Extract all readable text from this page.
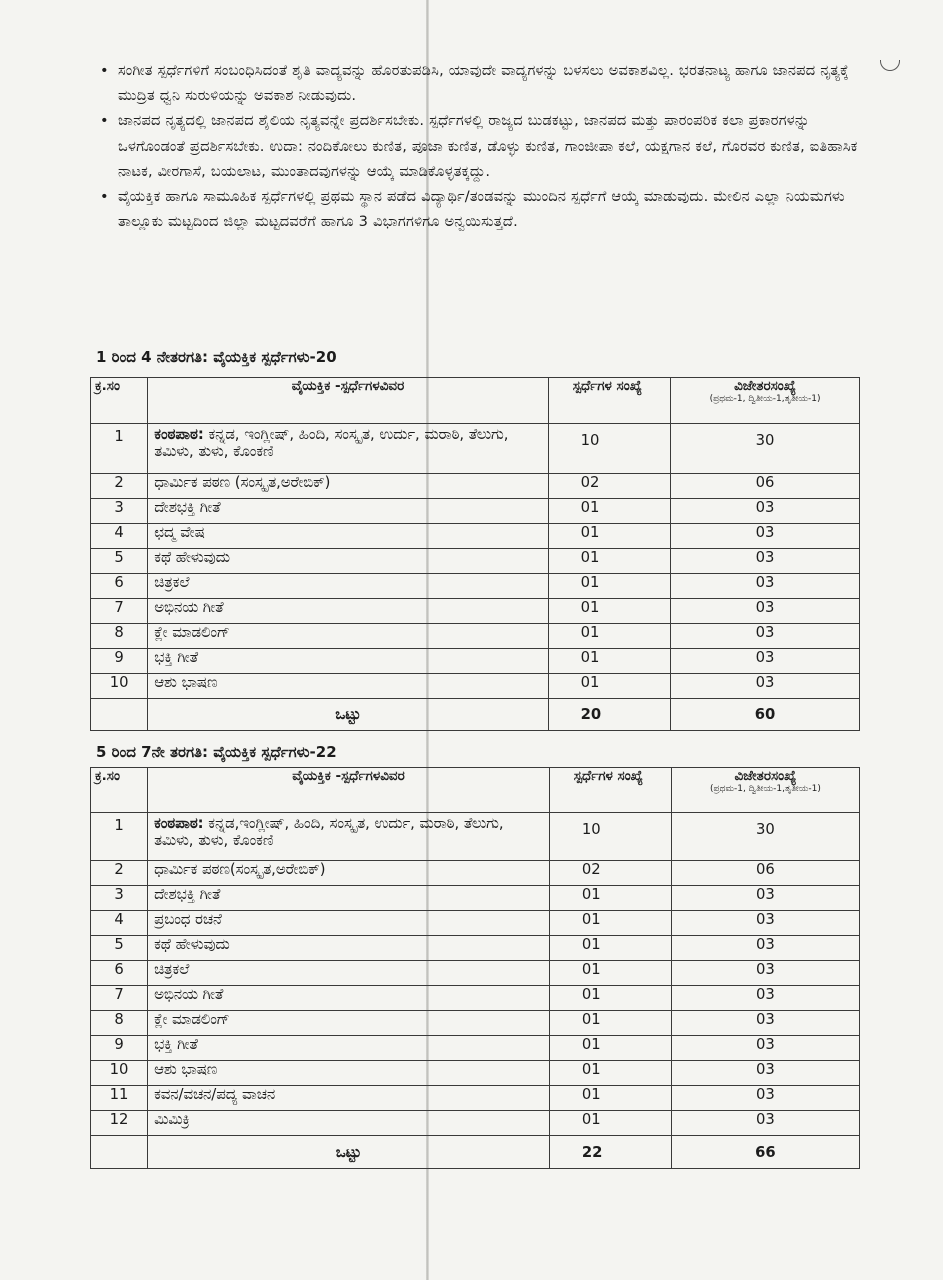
• ಸಂಗೀತ ಸ್ಪರ್ಧೆಗಳಿಗೆ ಸಂಬಂಧಿಸಿದಂತೆ ಶೃತಿ ವಾದ್ಯವನ್ನು ಹೊರತುಪಡಿಸಿ, ಯಾವುದೇ ವಾದ್ಯಗಳನ್ನು ಬಳಸಲು ಅವಕಾಶವಿಲ್ಲ. ಭರತನಾಟ್ಯ ಹಾಗೂ ಜಾನಪದ ನೃತ್ಯಕ್ಕೆ ಮುದ್ರಿತ ಧ್ವನಿ ಸುರುಳಿಯನ್ನು ಅವಕಾಶ ನೀಡುವುದು.
• ಜಾನಪದ ನೃತ್ಯದಲ್ಲಿ ಜಾನಪದ ಶೈಲಿಯ ನೃತ್ಯವನ್ನೇ ಪ್ರದರ್ಶಿಸಬೇಕು. ಸ್ಪರ್ಧೆಗಳಲ್ಲಿ ರಾಜ್ಯದ ಬುಡಕಟ್ಟು, ಜಾನಪದ ಮತ್ತು ಪಾರಂಪರಿಕ ಕಲಾ ಪ್ರಕಾರಗಳನ್ನು ಒಳಗೊಂಡಂತೆ ಪ್ರದರ್ಶಿಸಬೇಕು. ಉದಾ: ನಂದಿಕೋಲು ಕುಣಿತ, ಪೂಜಾ ಕುಣಿತ, ಡೊಳ್ಳು ಕುಣಿತ, ಗಾಂಜೀಪಾ ಕಲೆ, ಯಕ್ಷಗಾನ ಕಲೆ, ಗೊರವರ ಕುಣಿತ, ಐತಿಹಾಸಿಕ ನಾಟಕ, ವೀರಗಾಸೆ, ಬಯಲಾಟ, ಮುಂತಾದವುಗಳನ್ನು ಆಯ್ಕೆ ಮಾಡಿಕೊಳ್ಳತಕ್ಕದ್ದು.
• ವೈಯಕ್ತಿಕ ಹಾಗೂ ಸಾಮೂಹಿಕ ಸ್ಪರ್ಧೆಗಳಲ್ಲಿ ಪ್ರಥಮ ಸ್ಥಾನ ಪಡೆದ ವಿದ್ಯಾರ್ಥಿ/ತಂಡವನ್ನು ಮುಂದಿನ ಸ್ಪರ್ಧೆಗೆ ಆಯ್ಕೆ ಮಾಡುವುದು. ಮೇಲಿನ ಎಲ್ಲಾ ನಿಯಮಗಳು ತಾಲ್ಲೂಕು ಮಟ್ಟದಿಂದ ಜಿಲ್ಲಾ ಮಟ್ಟದವರೆಗೆ ಹಾಗೂ 3 ವಿಭಾಗಗಳಿಗೂ ಅನ್ವಯಿಸುತ್ತದೆ.
1 ರಿಂದ 4 ನೇತರಗತಿ: ವೈಯಕ್ತಿಕ ಸ್ಪರ್ಧೆಗಳು-20
ಕ್ರ.ಸಂ	ವೈಯಕ್ತಿಕ -ಸ್ಪರ್ಧೆಗಳವಿವರ	ಸ್ಪರ್ಧೆಗಳ ಸಂಖ್ಯೆ	ವಿಜೇತರಸಂಖ್ಯೆ
(ಪ್ರಥಮ-1, ದ್ವಿತೀಯ-1,ತೃತೀಯ-1)

1	ಕಂಠಪಾಠ: ಕನ್ನಡ, ಇಂಗ್ಲೀಷ್, ಹಿಂದಿ, ಸಂಸ್ಕೃತ, ಉರ್ದು, ಮರಾಠಿ, ತೆಲುಗು, ತಮಿಳು, ತುಳು, ಕೊಂಕಣಿ	10	30
2	ಧಾರ್ಮಿಕ ಪಠಣ (ಸಂಸ್ಕೃತ,ಅರೇಬಿಕ್)	02	06
3	ದೇಶಭಕ್ತಿ ಗೀತೆ	01	03
4	ಛದ್ಮ ವೇಷ	01	03
5	ಕಥೆ ಹೇಳುವುದು	01	03
6	ಚಿತ್ರಕಲೆ	01	03
7	ಅಭಿನಯ ಗೀತೆ	01	03
8	ಕ್ಲೇ ಮಾಡಲಿಂಗ್	01	03
9	ಭಕ್ತಿ ಗೀತೆ	01	03
10	ಆಶು ಭಾಷಣ	01	03
	ಒಟ್ಟು	20	60
5 ರಿಂದ 7ನೇ ತರಗತಿ: ವೈಯಕ್ತಿಕ ಸ್ಪರ್ಧೆಗಳು-22
ಕ್ರ.ಸಂ	ವೈಯಕ್ತಿಕ -ಸ್ಪರ್ಧೆಗಳವಿವರ	ಸ್ಪರ್ಧೆಗಳ ಸಂಖ್ಯೆ	ವಿಜೇತರಸಂಖ್ಯೆ
(ಪ್ರಥಮ-1, ದ್ವಿತೀಯ-1,ತೃತೀಯ-1)

1	ಕಂಠಪಾಠ: ಕನ್ನಡ,ಇಂಗ್ಲೀಷ್, ಹಿಂದಿ, ಸಂಸ್ಕೃತ, ಉರ್ದು, ಮರಾಠಿ, ತೆಲುಗು, ತಮಿಳು, ತುಳು, ಕೊಂಕಣಿ	10	30
2	ಧಾರ್ಮಿಕ ಪಠಣ(ಸಂಸ್ಕೃತ,ಅರೇಬಿಕ್)	02	06
3	ದೇಶಭಕ್ತಿ ಗೀತೆ	01	03
4	ಪ್ರಬಂಧ ರಚನೆ	01	03
5	ಕಥೆ ಹೇಳುವುದು	01	03
6	ಚಿತ್ರಕಲೆ	01	03
7	ಅಭಿನಯ ಗೀತೆ	01	03
8	ಕ್ಲೇ ಮಾಡಲಿಂಗ್	01	03
9	ಭಕ್ತಿ ಗೀತೆ	01	03
10	ಆಶು ಭಾಷಣ	01	03
11	ಕವನ/ವಚನ/ಪದ್ಯ ವಾಚನ	01	03
12	ಮಿಮಿಕ್ರಿ	01	03
	ಒಟ್ಟು	22	66
